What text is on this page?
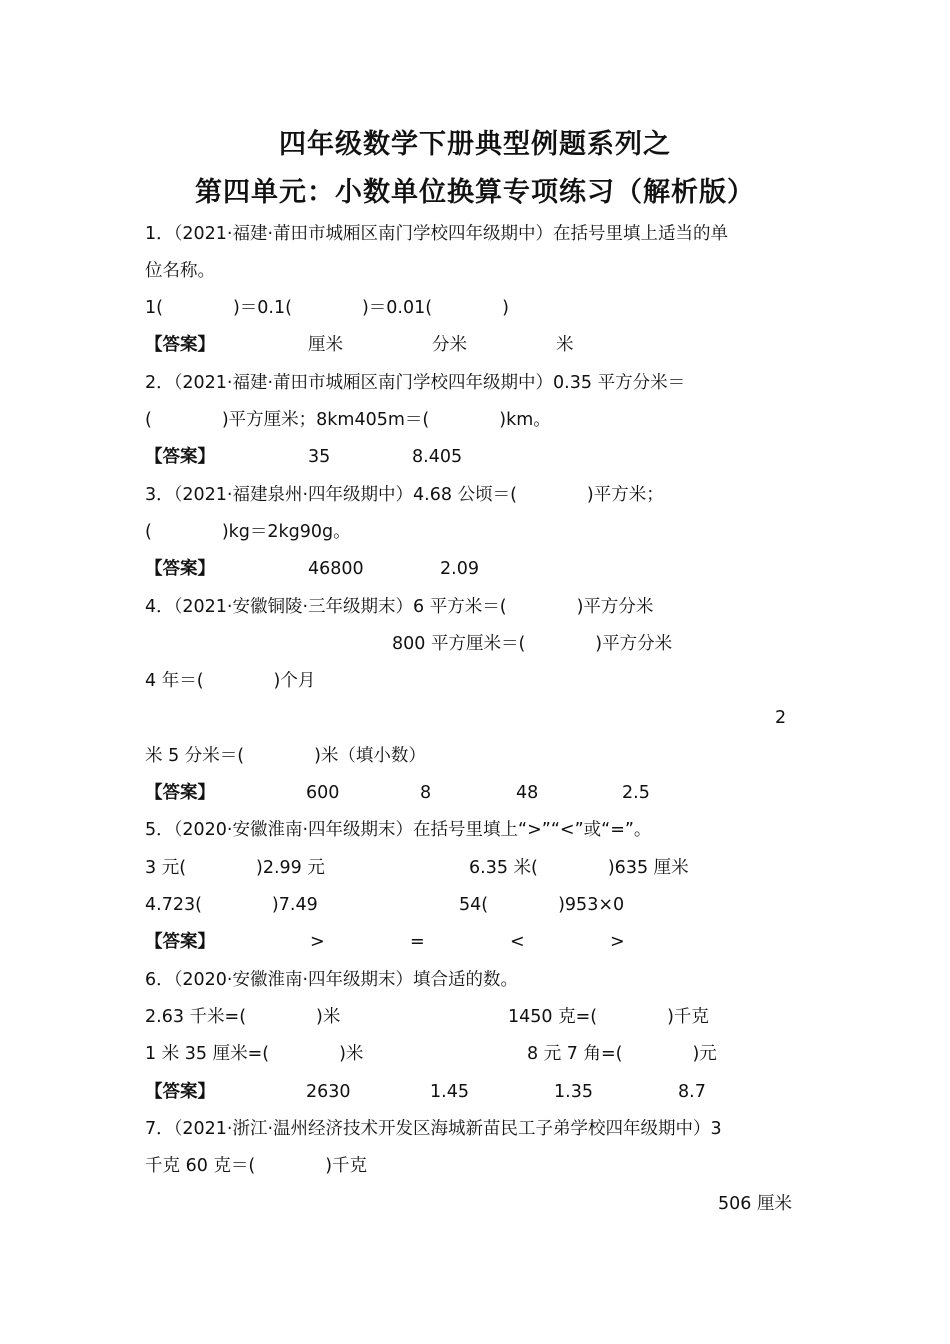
四年级数学下册典型例题系列之
第四单元：小数单位换算专项练习（解析版）
1．（2021·福建·莆田市城厢区南门学校四年级期中）在括号里填上适当的单
位名称。
1(　　　　)＝0.1(　　　　)＝0.01(　　　　)
【答案】	厘米	分米	米
2．（2021·福建·莆田市城厢区南门学校四年级期中）0.35 平方分米＝
(　　　　)平方厘米；8km405m＝(　　　　)km。
【答案】	35	8.405
3．（2021·福建泉州·四年级期中）4.68 公顷＝(　　　　)平方米；
(　　　　)kg＝2kg90g。
【答案】	46800	2.09
4．（2021·安徽铜陵·三年级期末）6 平方米＝(　　　　)平方分米
800 平方厘米＝(　　　　)平方分米
4 年＝(　　　　)个月
2
米 5 分米＝(　　　　)米（填小数）
【答案】	600	8	48	2.5
5．（2020·安徽淮南·四年级期末）在括号里填上“>”“<”或“=”。
3 元(　　　　)2.99 元	6.35 米(　　　　)635 厘米
4.723(　　　　)7.49	54(　　　　)953×0
【答案】	>	=	<	>
6．（2020·安徽淮南·四年级期末）填合适的数。
2.63 千米=(　　　　)米	1450 克=(　　　　)千克
1 米 35 厘米=(　　　　)米	8 元 7 角=(　　　　)元
【答案】	2630	1.45	1.35	8.7
7．（2021·浙江·温州经济技术开发区海城新苗民工子弟学校四年级期中）3
千克 60 克＝(　　　　)千克
506 厘米
